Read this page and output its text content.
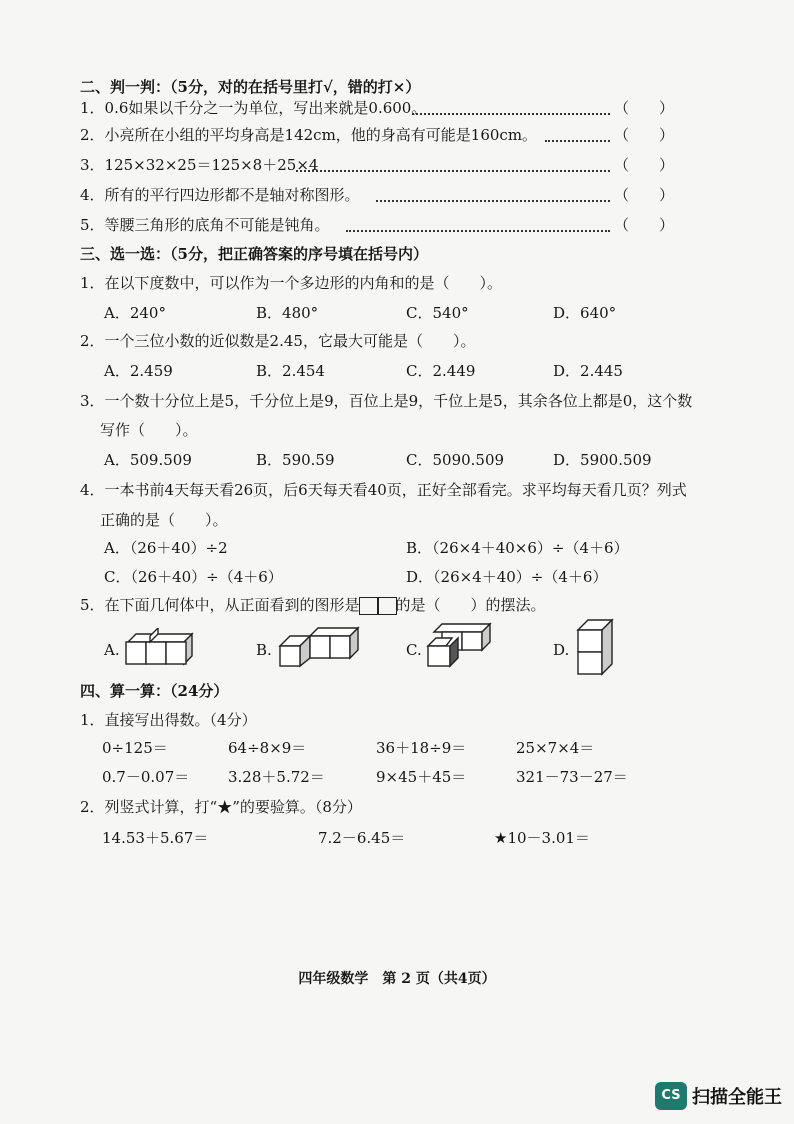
二、判一判：（5分，对的在括号里打√，错的打×）
1．0.6如果以千分之一为单位，写出来就是0.600。	（　　）
2．小亮所在小组的平均身高是142cm，他的身高有可能是160cm。	（　　）
3．125×32×25＝125×8＋25×4	（　　）
4．所有的平行四边形都不是轴对称图形。	（　　）
5．等腰三角形的底角不可能是钝角。	（　　）
三、选一选：（5分，把正确答案的序号填在括号内）
1．在以下度数中，可以作为一个多边形的内角和的是（　　）。
A．240°	B．480°	C．540°	D．640°
2．一个三位小数的近似数是2.45，它最大可能是（　　）。
A．2.459	B．2.454	C．2.449	D．2.445
3．一个数十分位上是5，千分位上是9，百位上是9，千位上是5，其余各位上都是0，这个数
写作（　　）。
A．509.509	B．590.59	C．5090.509	D．5900.509
4．一本书前4天每天看26页，后6天每天看40页，正好全部看完。求平均每天看几页？列式
正确的是（　　）。
A．（26＋40）÷2	B．（26×4＋40×6）÷（4＋6）
C．（26＋40）÷（4＋6）	D．（26×4＋40）÷（4＋6）
5．在下面几何体中，从正面看到的图形是 的是（　　）的摆法。
A.	B.	C.	D.
四、算一算：（24分）
1．直接写出得数。（4分）
0÷125＝	64÷8×9＝	36＋18÷9＝	25×7×4＝
0.7－0.07＝	3.28＋5.72＝	9×45＋45＝	321－73－27＝
2．列竖式计算，打“★”的要验算。（8分）
14.53＋5.67＝	7.2－6.45＝	★10－3.01＝
四年级数学　第 2 页（共4页）
CS 扫描全能王
